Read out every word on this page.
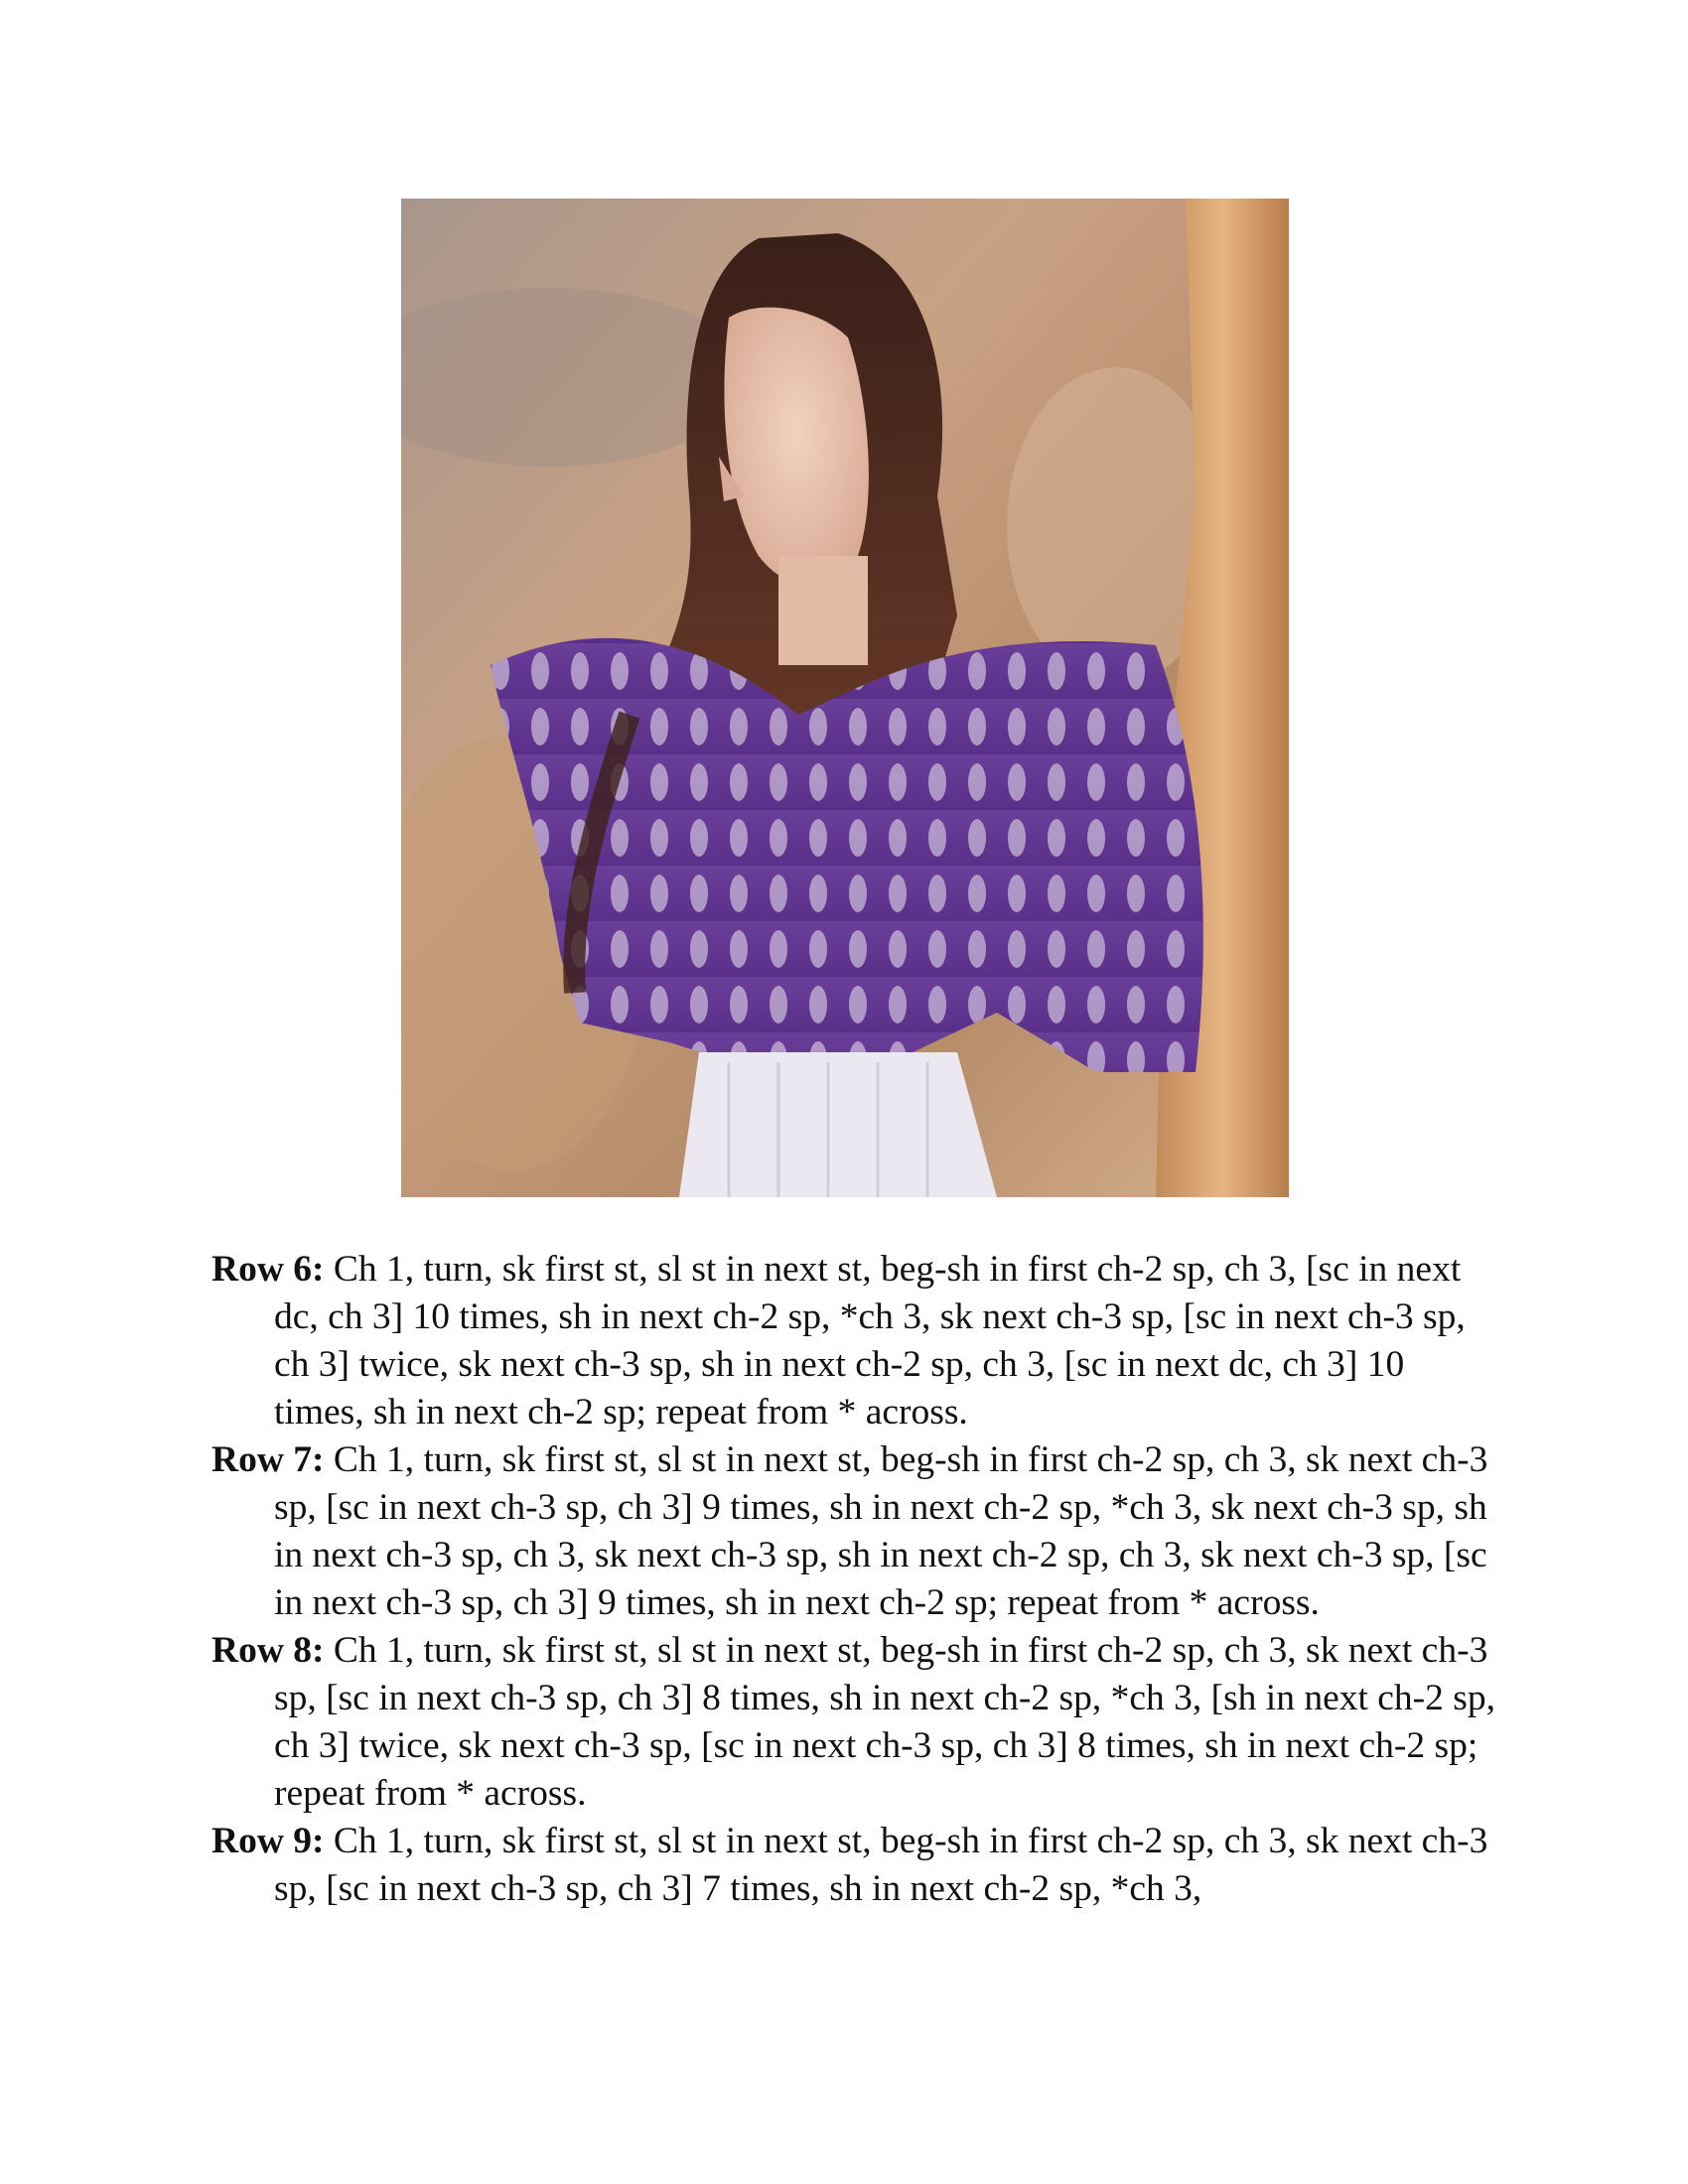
Row 6: Ch 1, turn, sk first st, sl st in next st, beg-sh in first ch-2 sp, ch 3, [sc in next dc, ch 3] 10 times, sh in next ch-2 sp, *ch 3, sk next ch-3 sp, [sc in next ch-3 sp, ch 3] twice, sk next ch-3 sp, sh in next ch-2 sp, ch 3, [sc in next dc, ch 3] 10 times, sh in next ch-2 sp; repeat from * across.

Row 7: Ch 1, turn, sk first st, sl st in next st, beg-sh in first ch-2 sp, ch 3, sk next ch-3 sp, [sc in next ch-3 sp, ch 3] 9 times, sh in next ch-2 sp, *ch 3, sk next ch-3 sp, sh in next ch-3 sp, ch 3, sk next ch-3 sp, sh in next ch-2 sp, ch 3, sk next ch-3 sp, [sc in next ch-3 sp, ch 3] 9 times, sh in next ch-2 sp; repeat from * across.

Row 8: Ch 1, turn, sk first st, sl st in next st, beg-sh in first ch-2 sp, ch 3, sk next ch-3 sp, [sc in next ch-3 sp, ch 3] 8 times, sh in next ch-2 sp, *ch 3, [sh in next ch-2 sp, ch 3] twice, sk next ch-3 sp, [sc in next ch-3 sp, ch 3] 8 times, sh in next ch-2 sp; repeat from * across.

Row 9: Ch 1, turn, sk first st, sl st in next st, beg-sh in first ch-2 sp, ch 3, sk next ch-3 sp, [sc in next ch-3 sp, ch 3] 7 times, sh in next ch-2 sp, *ch 3,
